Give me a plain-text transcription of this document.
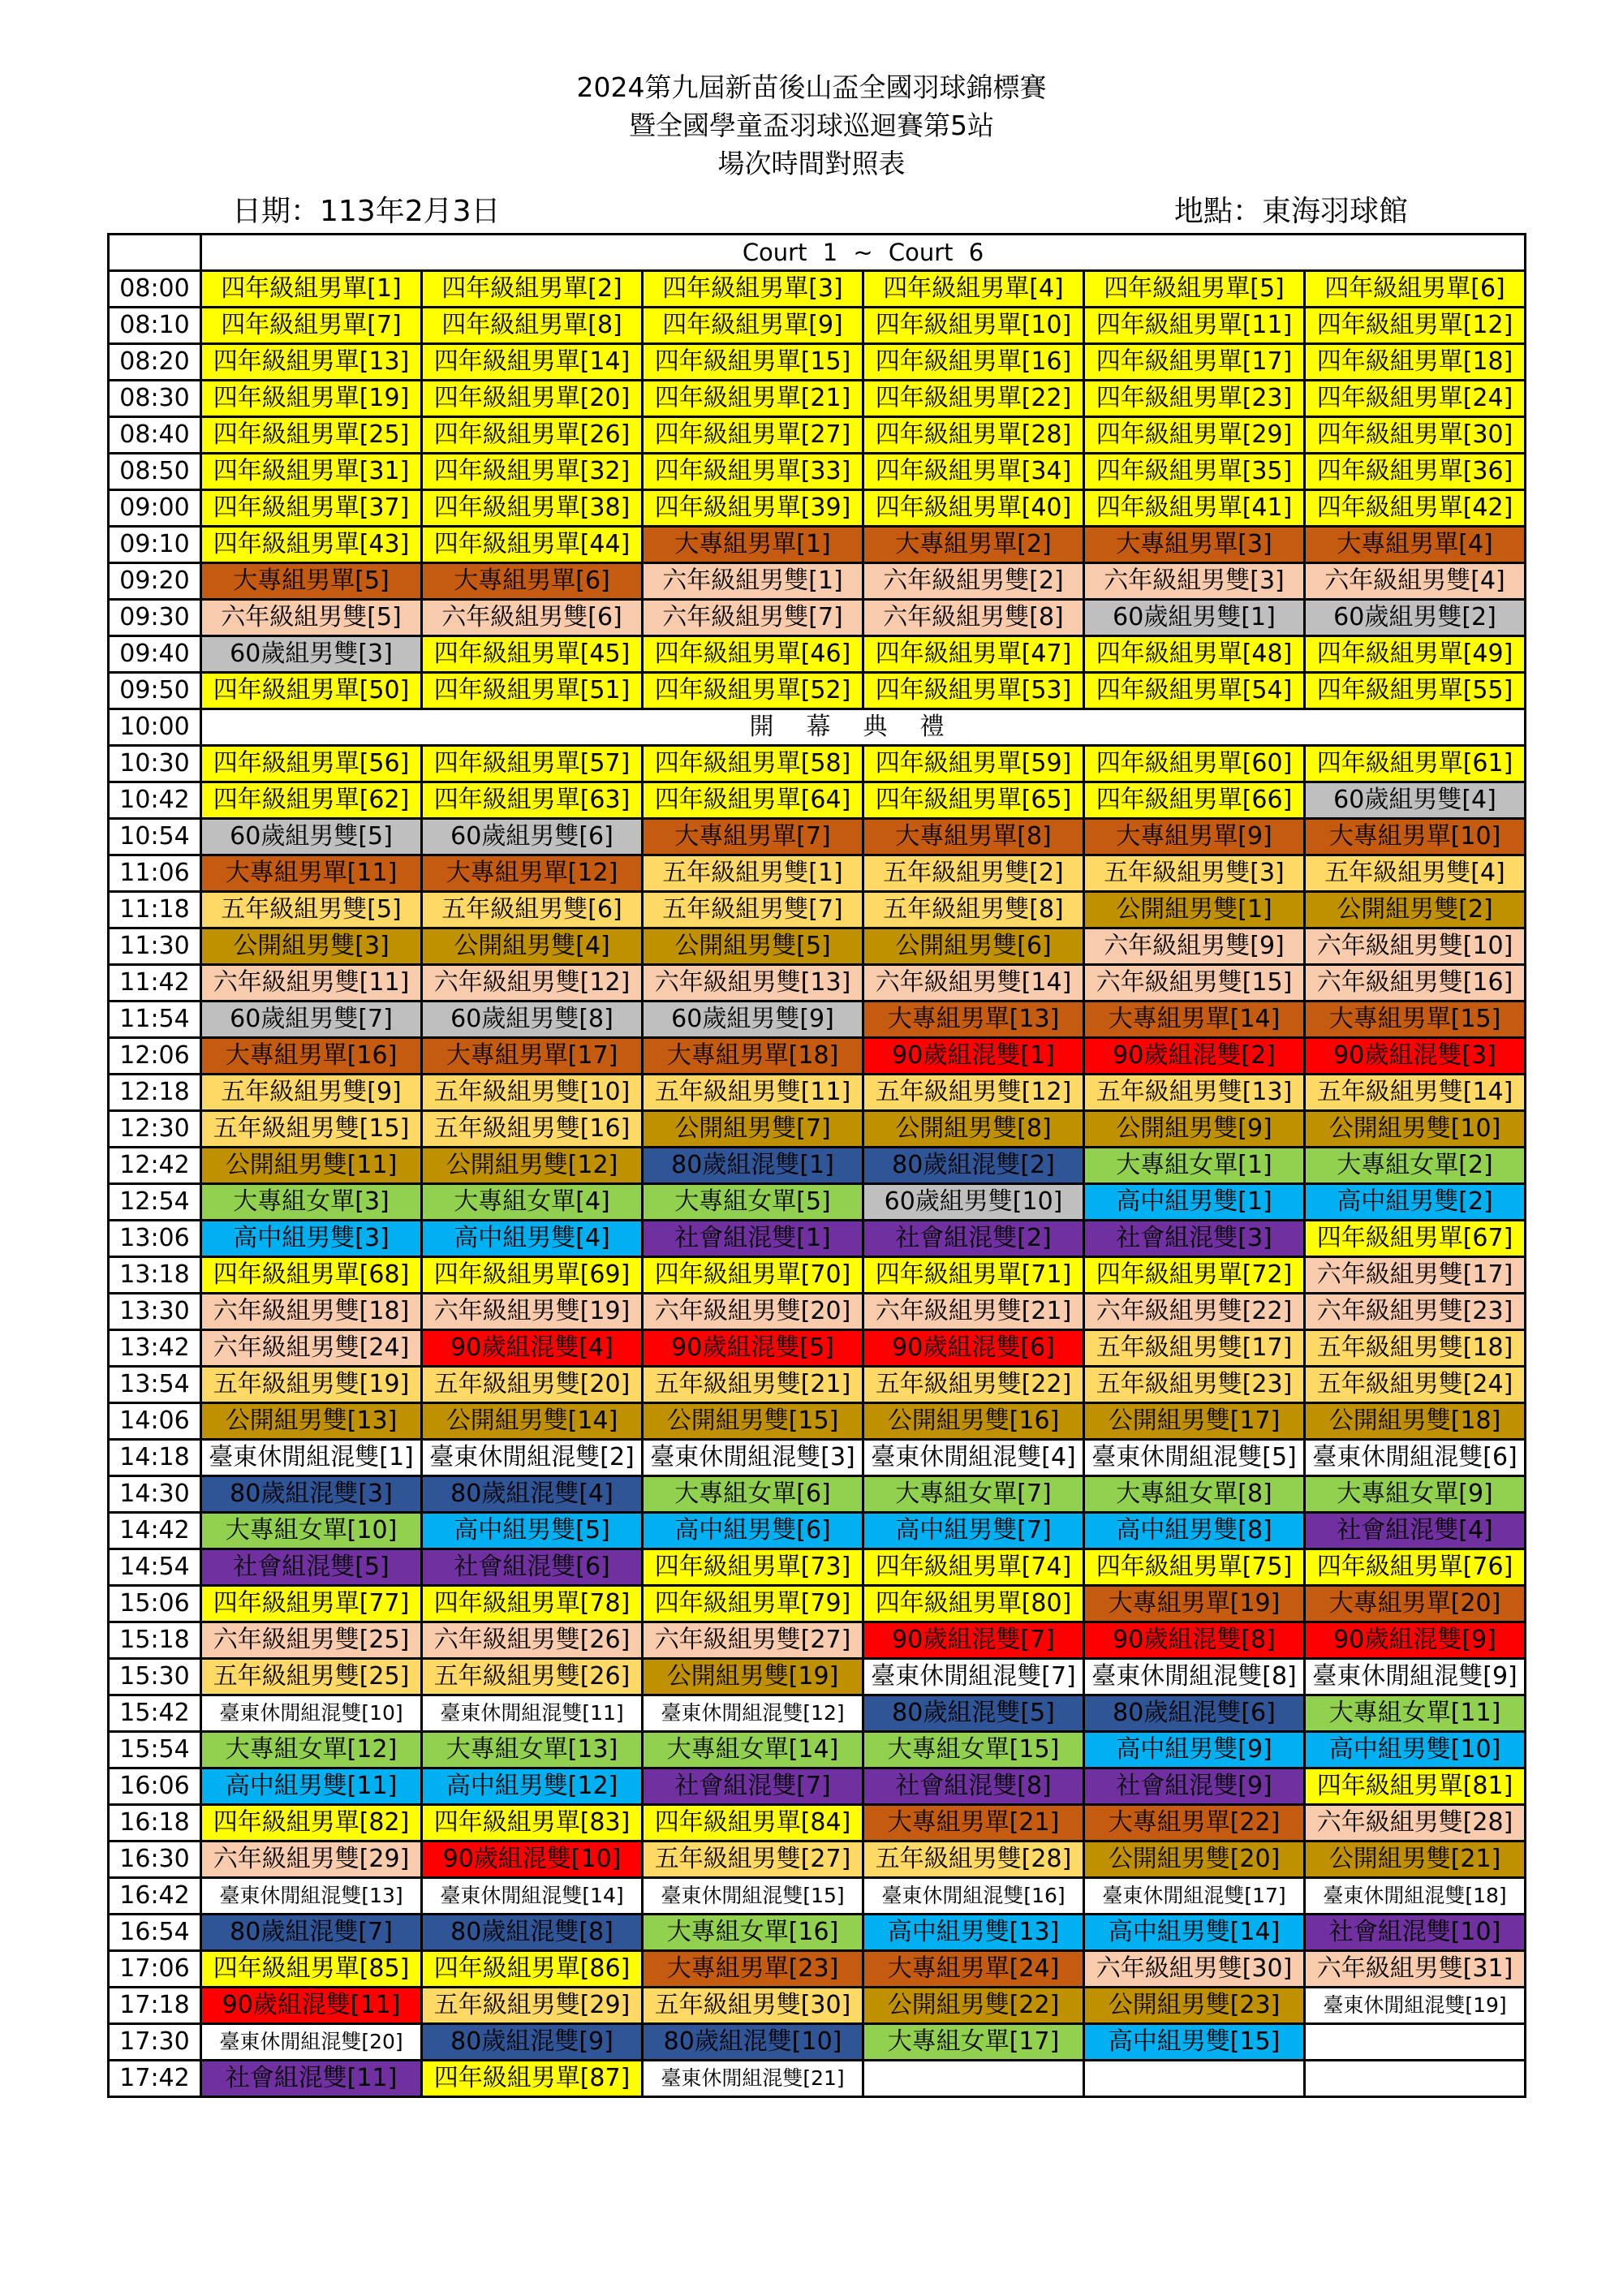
2024第九屆新苗後山盃全國羽球錦標賽
暨全國學童盃羽球巡迴賽第5站
場次時間對照表
日期：113年2月3日	地點：東海羽球館
	Court 1 ~ Court 6					
08:00	四年級組男單[1]	四年級組男單[2]	四年級組男單[3]	四年級組男單[4]	四年級組男單[5]	四年級組男單[6]
08:10	四年級組男單[7]	四年級組男單[8]	四年級組男單[9]	四年級組男單[10]	四年級組男單[11]	四年級組男單[12]
08:20	四年級組男單[13]	四年級組男單[14]	四年級組男單[15]	四年級組男單[16]	四年級組男單[17]	四年級組男單[18]
08:30	四年級組男單[19]	四年級組男單[20]	四年級組男單[21]	四年級組男單[22]	四年級組男單[23]	四年級組男單[24]
08:40	四年級組男單[25]	四年級組男單[26]	四年級組男單[27]	四年級組男單[28]	四年級組男單[29]	四年級組男單[30]
08:50	四年級組男單[31]	四年級組男單[32]	四年級組男單[33]	四年級組男單[34]	四年級組男單[35]	四年級組男單[36]
09:00	四年級組男單[37]	四年級組男單[38]	四年級組男單[39]	四年級組男單[40]	四年級組男單[41]	四年級組男單[42]
09:10	四年級組男單[43]	四年級組男單[44]	大專組男單[1]	大專組男單[2]	大專組男單[3]	大專組男單[4]
09:20	大專組男單[5]	大專組男單[6]	六年級組男雙[1]	六年級組男雙[2]	六年級組男雙[3]	六年級組男雙[4]
09:30	六年級組男雙[5]	六年級組男雙[6]	六年級組男雙[7]	六年級組男雙[8]	60歲組男雙[1]	60歲組男雙[2]
09:40	60歲組男雙[3]	四年級組男單[45]	四年級組男單[46]	四年級組男單[47]	四年級組男單[48]	四年級組男單[49]
09:50	四年級組男單[50]	四年級組男單[51]	四年級組男單[52]	四年級組男單[53]	四年級組男單[54]	四年級組男單[55]
10:00	開幕典禮					
10:30	四年級組男單[56]	四年級組男單[57]	四年級組男單[58]	四年級組男單[59]	四年級組男單[60]	四年級組男單[61]
10:42	四年級組男單[62]	四年級組男單[63]	四年級組男單[64]	四年級組男單[65]	四年級組男單[66]	60歲組男雙[4]
10:54	60歲組男雙[5]	60歲組男雙[6]	大專組男單[7]	大專組男單[8]	大專組男單[9]	大專組男單[10]
11:06	大專組男單[11]	大專組男單[12]	五年級組男雙[1]	五年級組男雙[2]	五年級組男雙[3]	五年級組男雙[4]
11:18	五年級組男雙[5]	五年級組男雙[6]	五年級組男雙[7]	五年級組男雙[8]	公開組男雙[1]	公開組男雙[2]
11:30	公開組男雙[3]	公開組男雙[4]	公開組男雙[5]	公開組男雙[6]	六年級組男雙[9]	六年級組男雙[10]
11:42	六年級組男雙[11]	六年級組男雙[12]	六年級組男雙[13]	六年級組男雙[14]	六年級組男雙[15]	六年級組男雙[16]
11:54	60歲組男雙[7]	60歲組男雙[8]	60歲組男雙[9]	大專組男單[13]	大專組男單[14]	大專組男單[15]
12:06	大專組男單[16]	大專組男單[17]	大專組男單[18]	90歲組混雙[1]	90歲組混雙[2]	90歲組混雙[3]
12:18	五年級組男雙[9]	五年級組男雙[10]	五年級組男雙[11]	五年級組男雙[12]	五年級組男雙[13]	五年級組男雙[14]
12:30	五年級組男雙[15]	五年級組男雙[16]	公開組男雙[7]	公開組男雙[8]	公開組男雙[9]	公開組男雙[10]
12:42	公開組男雙[11]	公開組男雙[12]	80歲組混雙[1]	80歲組混雙[2]	大專組女單[1]	大專組女單[2]
12:54	大專組女單[3]	大專組女單[4]	大專組女單[5]	60歲組男雙[10]	高中組男雙[1]	高中組男雙[2]
13:06	高中組男雙[3]	高中組男雙[4]	社會組混雙[1]	社會組混雙[2]	社會組混雙[3]	四年級組男單[67]
13:18	四年級組男單[68]	四年級組男單[69]	四年級組男單[70]	四年級組男單[71]	四年級組男單[72]	六年級組男雙[17]
13:30	六年級組男雙[18]	六年級組男雙[19]	六年級組男雙[20]	六年級組男雙[21]	六年級組男雙[22]	六年級組男雙[23]
13:42	六年級組男雙[24]	90歲組混雙[4]	90歲組混雙[5]	90歲組混雙[6]	五年級組男雙[17]	五年級組男雙[18]
13:54	五年級組男雙[19]	五年級組男雙[20]	五年級組男雙[21]	五年級組男雙[22]	五年級組男雙[23]	五年級組男雙[24]
14:06	公開組男雙[13]	公開組男雙[14]	公開組男雙[15]	公開組男雙[16]	公開組男雙[17]	公開組男雙[18]
14:18	臺東休閒組混雙[1]	臺東休閒組混雙[2]	臺東休閒組混雙[3]	臺東休閒組混雙[4]	臺東休閒組混雙[5]	臺東休閒組混雙[6]
14:30	80歲組混雙[3]	80歲組混雙[4]	大專組女單[6]	大專組女單[7]	大專組女單[8]	大專組女單[9]
14:42	大專組女單[10]	高中組男雙[5]	高中組男雙[6]	高中組男雙[7]	高中組男雙[8]	社會組混雙[4]
14:54	社會組混雙[5]	社會組混雙[6]	四年級組男單[73]	四年級組男單[74]	四年級組男單[75]	四年級組男單[76]
15:06	四年級組男單[77]	四年級組男單[78]	四年級組男單[79]	四年級組男單[80]	大專組男單[19]	大專組男單[20]
15:18	六年級組男雙[25]	六年級組男雙[26]	六年級組男雙[27]	90歲組混雙[7]	90歲組混雙[8]	90歲組混雙[9]
15:30	五年級組男雙[25]	五年級組男雙[26]	公開組男雙[19]	臺東休閒組混雙[7]	臺東休閒組混雙[8]	臺東休閒組混雙[9]
15:42	臺東休閒組混雙[10]	臺東休閒組混雙[11]	臺東休閒組混雙[12]	80歲組混雙[5]	80歲組混雙[6]	大專組女單[11]
15:54	大專組女單[12]	大專組女單[13]	大專組女單[14]	大專組女單[15]	高中組男雙[9]	高中組男雙[10]
16:06	高中組男雙[11]	高中組男雙[12]	社會組混雙[7]	社會組混雙[8]	社會組混雙[9]	四年級組男單[81]
16:18	四年級組男單[82]	四年級組男單[83]	四年級組男單[84]	大專組男單[21]	大專組男單[22]	六年級組男雙[28]
16:30	六年級組男雙[29]	90歲組混雙[10]	五年級組男雙[27]	五年級組男雙[28]	公開組男雙[20]	公開組男雙[21]
16:42	臺東休閒組混雙[13]	臺東休閒組混雙[14]	臺東休閒組混雙[15]	臺東休閒組混雙[16]	臺東休閒組混雙[17]	臺東休閒組混雙[18]
16:54	80歲組混雙[7]	80歲組混雙[8]	大專組女單[16]	高中組男雙[13]	高中組男雙[14]	社會組混雙[10]
17:06	四年級組男單[85]	四年級組男單[86]	大專組男單[23]	大專組男單[24]	六年級組男雙[30]	六年級組男雙[31]
17:18	90歲組混雙[11]	五年級組男雙[29]	五年級組男雙[30]	公開組男雙[22]	公開組男雙[23]	臺東休閒組混雙[19]
17:30	臺東休閒組混雙[20]	80歲組混雙[9]	80歲組混雙[10]	大專組女單[17]	高中組男雙[15]	
17:42	社會組混雙[11]	四年級組男單[87]	臺東休閒組混雙[21]			
